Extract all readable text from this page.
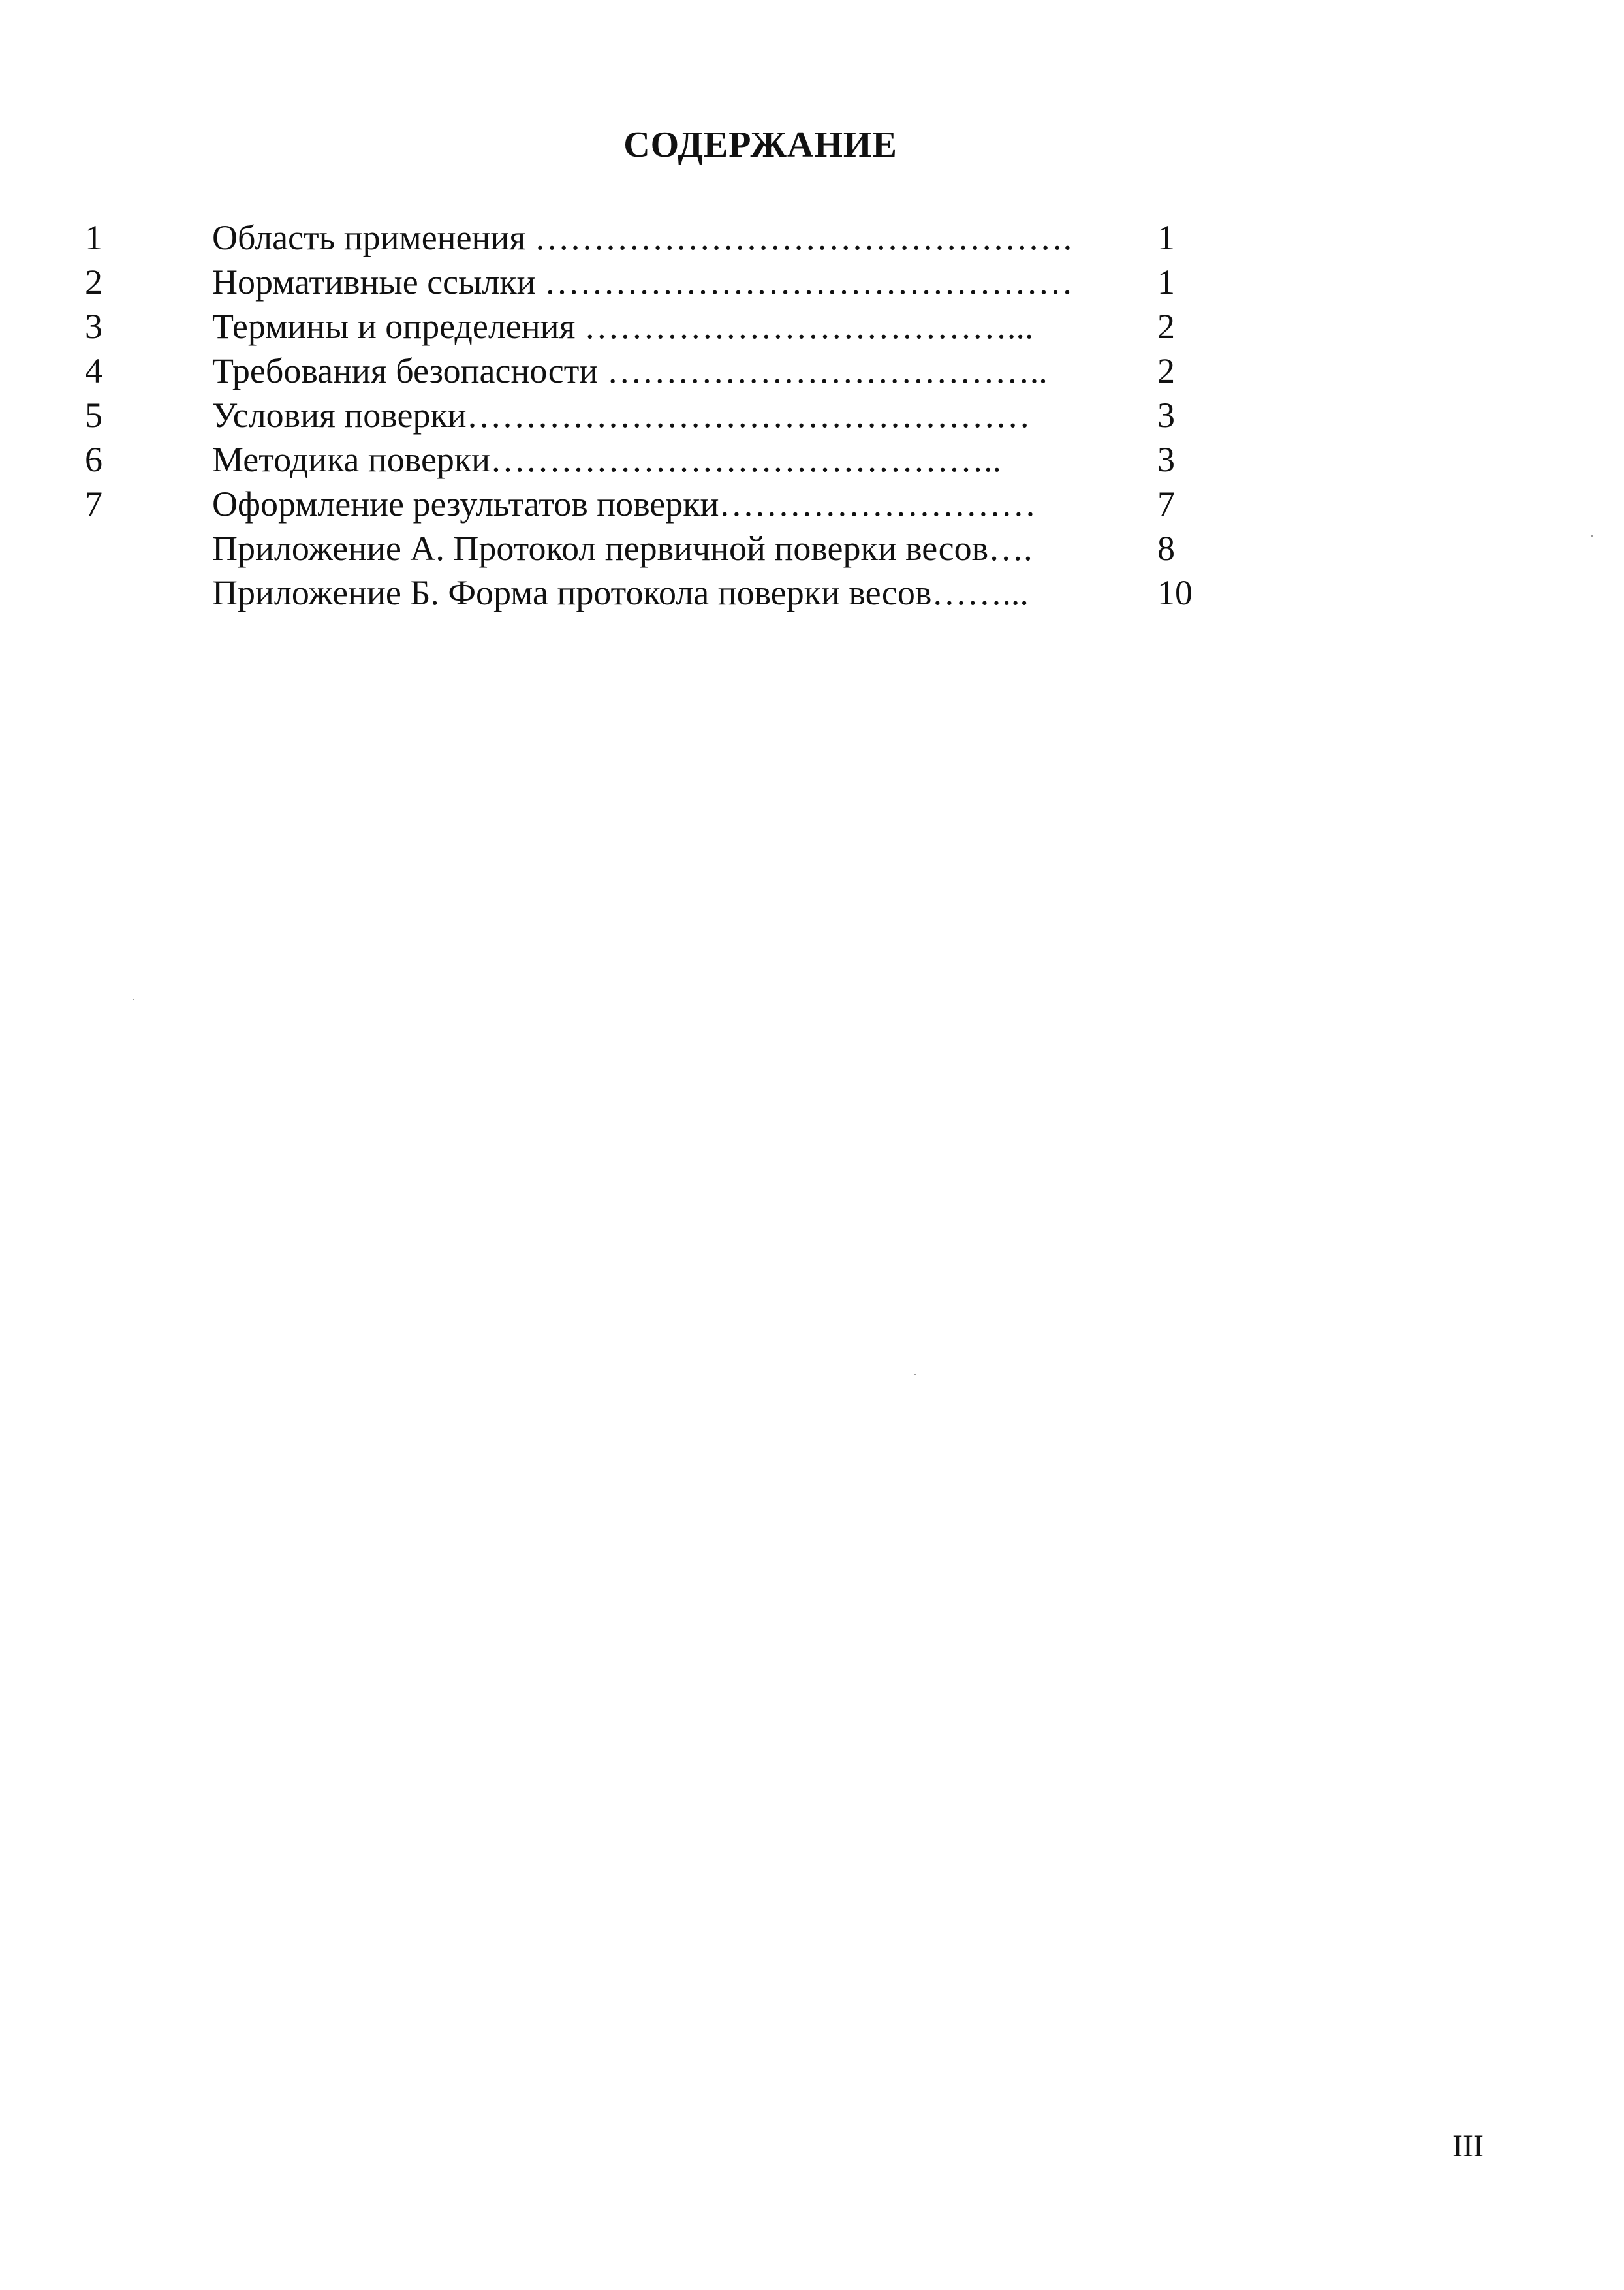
СОДЕРЖАНИЕ
1	Область применения ………………………………………. 1
2	Нормативные ссылки ……………………………………… 1
3	Термины и определения ………………………………...	2
4	Требования безопасности ………………………………..	2
5	Условия поверки…………………………………………	3
6	Методика поверки……………………………………..	3
7	Оформление результатов поверки………………………	7
Приложение А. Протокол первичной поверки весов….	8
Приложение Б. Форма протокола поверки весов……...	10
III
